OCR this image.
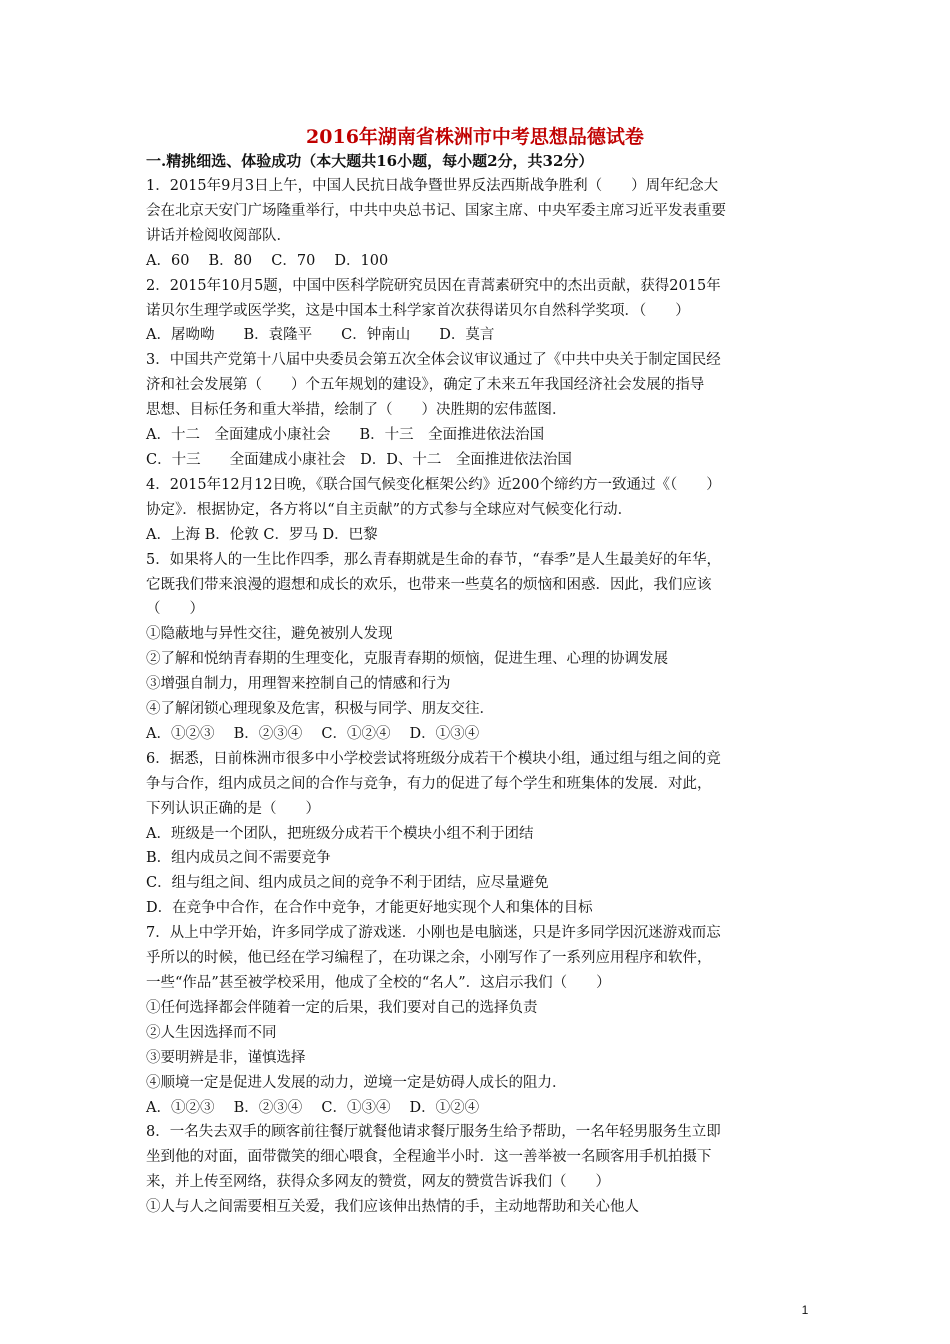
2016年湖南省株洲市中考思想品德试卷
一.精挑细选、体验成功（本大题共16小题，每小题2分，共32分）
1．2015年9月3日上午，中国人民抗日战争暨世界反法西斯战争胜利（　　）周年纪念大
会在北京天安门广场隆重举行，中共中央总书记、国家主席、中央军委主席习近平发表重要
讲话并检阅收阅部队．
A．60　 B．80　 C．70　 D．100
2．2015年10月5题，中国中医科学院研究员因在青蒿素研究中的杰出贡献，获得2015年
诺贝尔生理学或医学奖，这是中国本土科学家首次获得诺贝尔自然科学奖项．（　　）
A．屠呦呦　　B．袁隆平　　C．钟南山　　D．莫言
3．中国共产党第十八届中央委员会第五次全体会议审议通过了《中共中央关于制定国民经
济和社会发展第（　　）个五年规划的建设》，确定了未来五年我国经济社会发展的指导
思想、目标任务和重大举措，绘制了（　　）决胜期的宏伟蓝图．
A．十二　全面建成小康社会　　B．十三　全面推进依法治国
C．十三　　全面建成小康社会　D．D、十二　全面推进依法治国
4．2015年12月12日晚，《联合国气候变化框架公约》近200个缔约方一致通过《（　　）
协定》．根据协定，各方将以“自主贡献”的方式参与全球应对气候变化行动．
A．上海 B．伦敦 C．罗马 D．巴黎
5．如果将人的一生比作四季，那么青春期就是生命的春节，“春季”是人生最美好的年华，
它既我们带来浪漫的遐想和成长的欢乐，也带来一些莫名的烦恼和困惑．因此，我们应该
（　　）
①隐蔽地与异性交往，避免被别人发现
②了解和悦纳青春期的生理变化，克服青春期的烦恼，促进生理、心理的协调发展
③增强自制力，用理智来控制自己的情感和行为
④了解闭锁心理现象及危害，积极与同学、朋友交往．
A．①②③　 B．②③④　 C．①②④　 D．①③④
6．据悉，日前株洲市很多中小学校尝试将班级分成若干个模块小组，通过组与组之间的竞
争与合作，组内成员之间的合作与竞争，有力的促进了每个学生和班集体的发展．对此，
下列认识正确的是（　　）
A．班级是一个团队，把班级分成若干个模块小组不利于团结
B．组内成员之间不需要竞争
C．组与组之间、组内成员之间的竞争不利于团结，应尽量避免
D．在竞争中合作，在合作中竞争，才能更好地实现个人和集体的目标
7．从上中学开始，许多同学成了游戏迷．小刚也是电脑迷，只是许多同学因沉迷游戏而忘
乎所以的时候，他已经在学习编程了，在功课之余，小刚写作了一系列应用程序和软件，
一些“作品”甚至被学校采用，他成了全校的“名人”．这启示我们（　　）
①任何选择都会伴随着一定的后果，我们要对自己的选择负责
②人生因选择而不同
③要明辨是非，谨慎选择
④顺境一定是促进人发展的动力，逆境一定是妨碍人成长的阻力．
A．①②③　 B．②③④　 C．①③④　 D．①②④
8．一名失去双手的顾客前往餐厅就餐他请求餐厅服务生给予帮助，一名年轻男服务生立即
坐到他的对面，面带微笑的细心喂食，全程逾半小时．这一善举被一名顾客用手机拍摄下
来，并上传至网络，获得众多网友的赞赏，网友的赞赏告诉我们（　　）
①人与人之间需要相互关爱，我们应该伸出热情的手，主动地帮助和关心他人
1
